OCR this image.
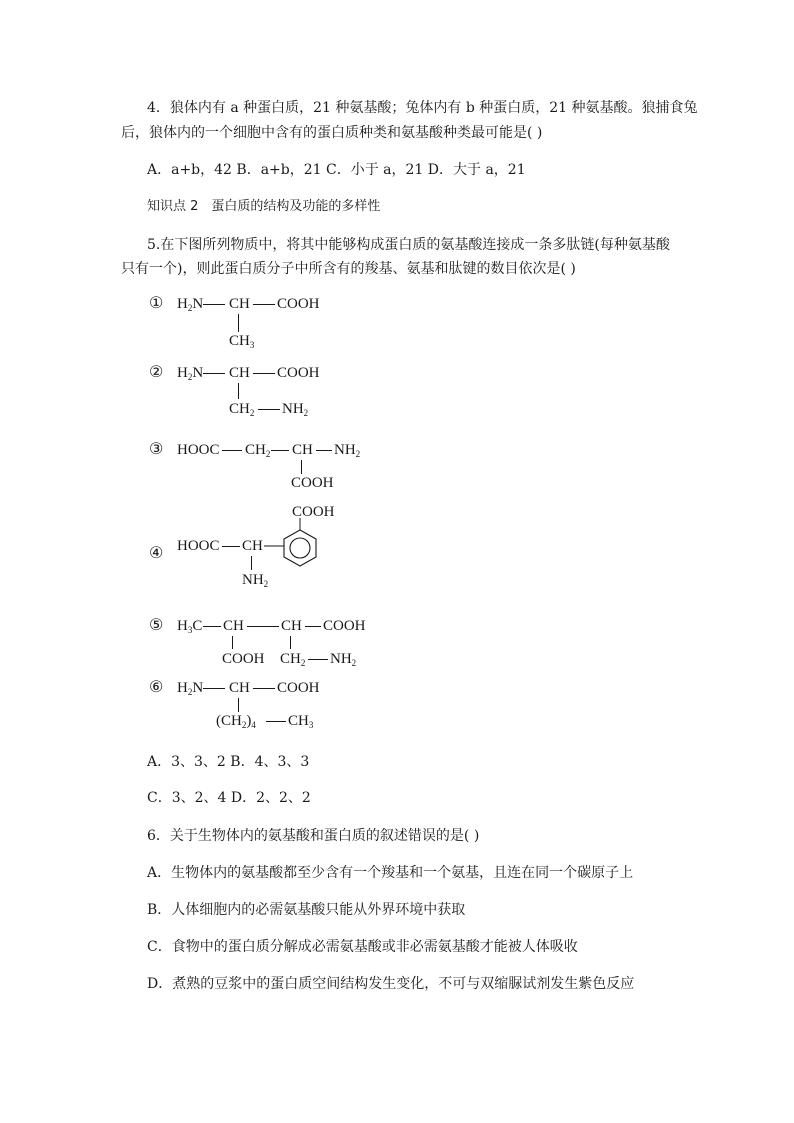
4．狼体内有 a 种蛋白质，21 种氨基酸；兔体内有 b 种蛋白质，21 种氨基酸。狼捕食兔
后，狼体内的一个细胞中含有的蛋白质种类和氨基酸种类最可能是( )
A．a+b，42 B．a+b，21 C．小于 a，21 D．大于 a，21
知识点 2　蛋白质的结构及功能的多样性
5.在下图所列物质中，将其中能够构成蛋白质的氨基酸连接成一条多肽链(每种氨基酸
只有一个)，则此蛋白质分子中所含有的羧基、氨基和肽键的数目依次是( )
① $H_2N$ CH COOH
$CH_3$
② $H_2N$ CH COOH
$CH_2$ $NH_2$
③ HOOC $CH_2$ CH $NH_2$
COOH
④ HOOC CH
$NH_2$
COOH
⑤ $H_3C$ CH CH COOH
COOH $CH_2$ $NH_2$
⑥ $H_2N$ CH COOH
$(CH_2)_4$ $CH_3$
A．3、3、2 B．4、3、3
C．3、2、4 D．2、2、2
6．关于生物体内的氨基酸和蛋白质的叙述错误的是( )
A．生物体内的氨基酸都至少含有一个羧基和一个氨基，且连在同一个碳原子上
B．人体细胞内的必需氨基酸只能从外界环境中获取
C．食物中的蛋白质分解成必需氨基酸或非必需氨基酸才能被人体吸收
D．煮熟的豆浆中的蛋白质空间结构发生变化，不可与双缩脲试剂发生紫色反应
